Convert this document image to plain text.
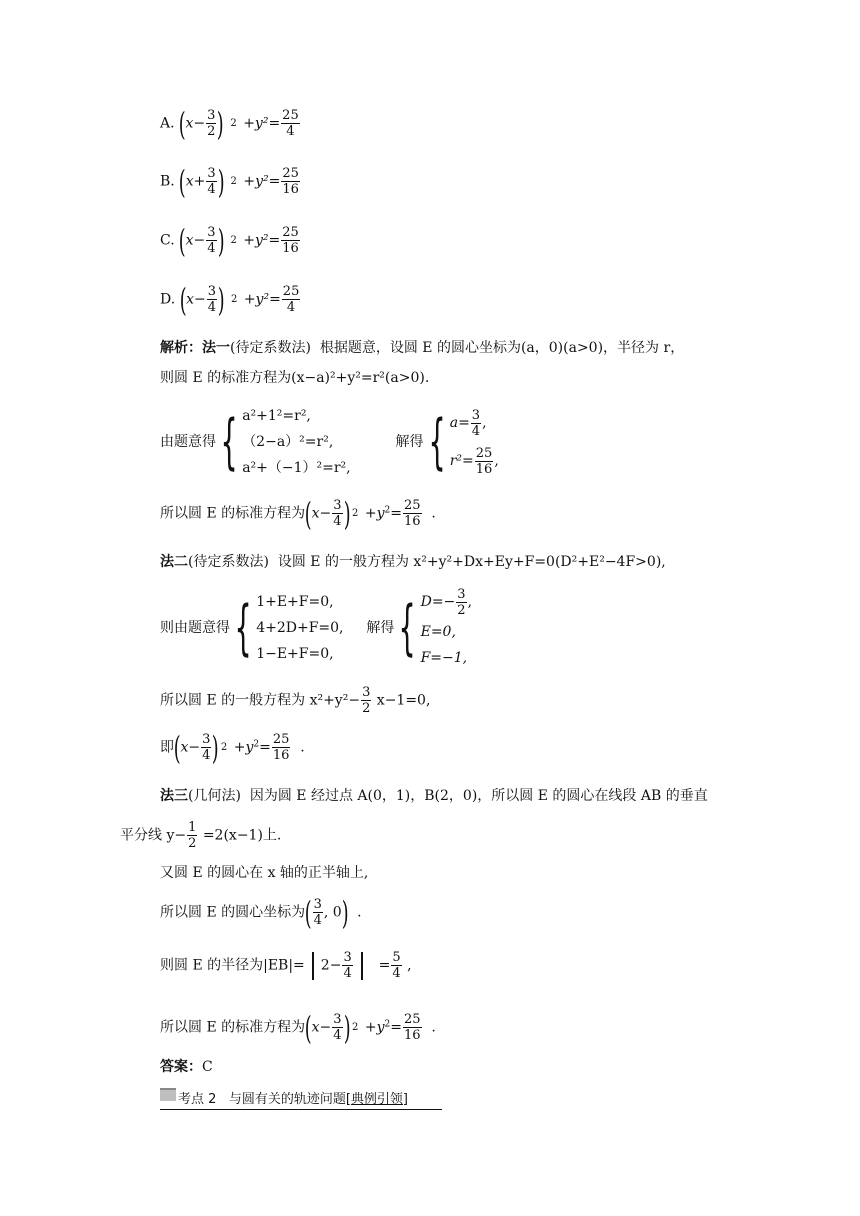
A. ($x- \frac{3}{2}$ ) $2 +y^2= \frac{25}{4}$
B. ($x+ \frac{3}{4}$ ) $2 +y^2= \frac{25}{16}$
C. ($x- \frac{3}{4}$ ) $2 +y^2= \frac{25}{16}$
D. ($x- \frac{3}{4}$ ) $2 +y^2= \frac{25}{4}$
解析：法一(待定系数法) 根据题意，设圆 E 的圆心坐标为(a，0)(a>0)，半径为 r，
则圆 E 的标准方程为(x−a)²+y²=r²(a>0).
由题意得{ a²+1²=r²,
（2−a）²=r²,
a²+（−1）²=r²,
解得{ $a= \frac{3}{4}$ ,
$r^2= \frac{25}{16}$ ,
所以圆 E 的标准方程为($x- \frac{3}{4}$ ) $2 +y^2= \frac{25}{16}$ .
法二(待定系数法) 设圆 E 的一般方程为 x²+y²+Dx+Ey+F=0(D²+E²−4F>0),
则由题意得{ 1+E+F=0,
4+2D+F=0,
1−E+F=0,
解得{ $D=- \frac{3}{2}$ ,
E=0,
F=−1,
所以圆 E 的一般方程为 $x^2+y^2- \frac{3}{2} x-1=0$,
即($x- \frac{3}{4}$ ) $2 +y^2= \frac{25}{16}$ .
法三(几何法) 因为圆 E 经过点 A(0，1)，B(2，0)，所以圆 E 的圆心在线段 AB 的垂直
平分线 $y- \frac{1}{2} =2(x-1)$上.
又圆 E 的圆心在 x 轴的正半轴上,
所以圆 E 的圆心坐标为( $\frac{3}{4}$ , 0)  .
则圆 E 的半径为$|EB|= 2- \frac{3}{4} = \frac{5}{4}$ ,
所以圆 E 的标准方程为($x- \frac{3}{4}$ ) $2 +y^2= \frac{25}{16}$ .
答案：C
考点 2 与圆有关的轨迹问题[典例引领]
